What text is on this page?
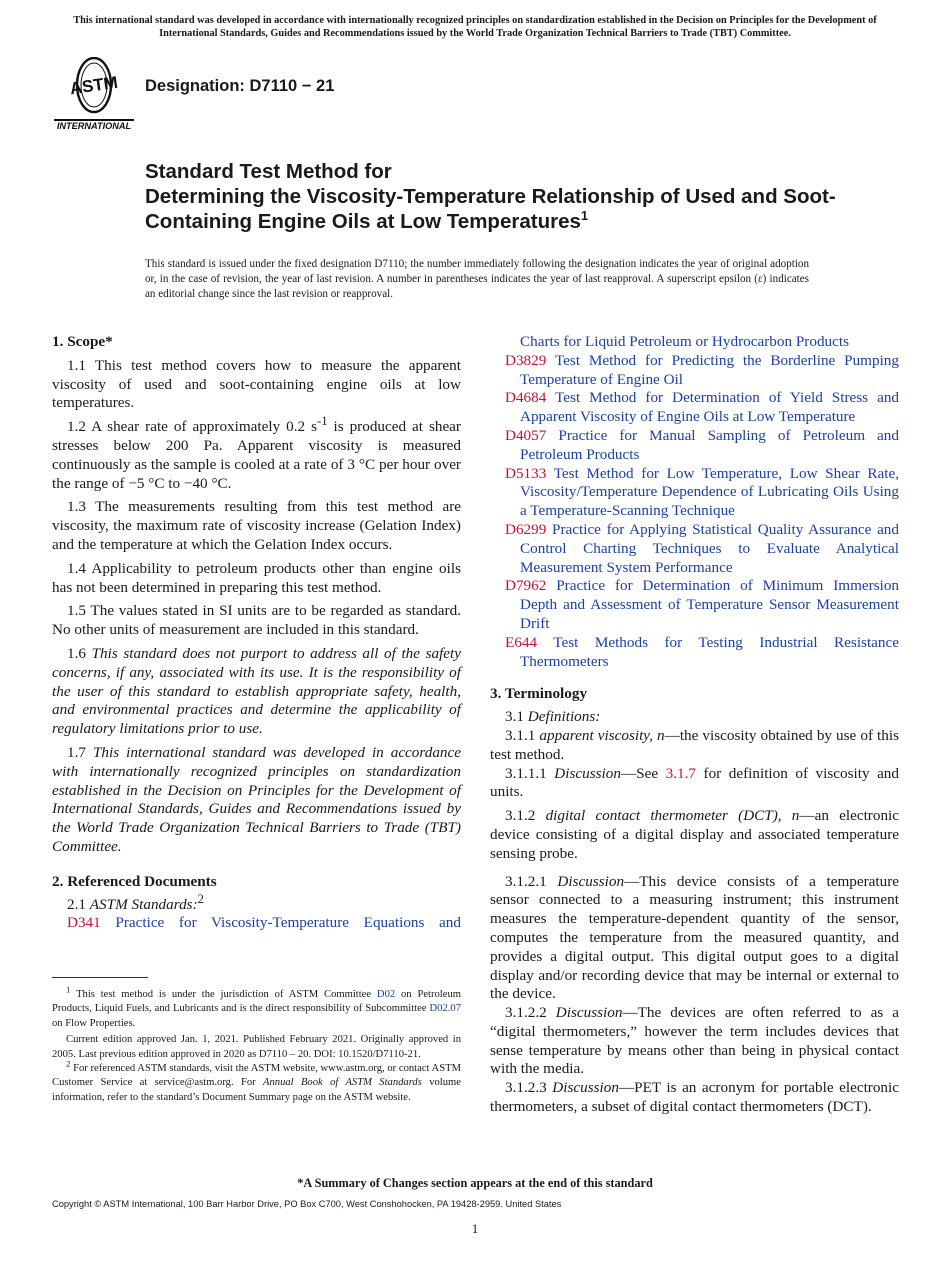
This international standard was developed in accordance with internationally recognized principles on standardization established in the Decision on Principles for the Development of International Standards, Guides and Recommendations issued by the World Trade Organization Technical Barriers to Trade (TBT) Committee.
ASTM
INTERNATIONAL
Designation: D7110 − 21
Standard Test Method for
Determining the Viscosity-Temperature Relationship of Used and Soot-Containing Engine Oils at Low Temperatures$^1$
This standard is issued under the fixed designation D7110; the number immediately following the designation indicates the year of original adoption or, in the case of revision, the year of last revision. A number in parentheses indicates the year of last reapproval. A superscript epsilon (ε) indicates an editorial change since the last revision or reapproval.
1. Scope*

1.1 This test method covers how to measure the apparent viscosity of used and soot-containing engine oils at low temperatures.

1.2 A shear rate of approximately 0.2 $s^{-1}$ is produced at shear stresses below 200 Pa. Apparent viscosity is measured continuously as the sample is cooled at a rate of 3 °C per hour over the range of −5 °C to −40 °C.

1.3 The measurements resulting from this test method are viscosity, the maximum rate of viscosity increase (Gelation Index) and the temperature at which the Gelation Index occurs.

1.4 Applicability to petroleum products other than engine oils has not been determined in preparing this test method.

1.5 The values stated in SI units are to be regarded as standard. No other units of measurement are included in this standard.

1.6 This standard does not purport to address all of the safety concerns, if any, associated with its use. It is the responsibility of the user of this standard to establish appropriate safety, health, and environmental practices and determine the applicability of regulatory limitations prior to use.

1.7 This international standard was developed in accordance with internationally recognized principles on standardization established in the Decision on Principles for the Development of International Standards, Guides and Recommendations issued by the World Trade Organization Technical Barriers to Trade (TBT) Committee.

2. Referenced Documents

2.1 ASTM Standards:$^2$

D341 Practice for Viscosity-Temperature Equations and

$^1$ This test method is under the jurisdiction of ASTM Committee D02 on Petroleum Products, Liquid Fuels, and Lubricants and is the direct responsibility of Subcommittee D02.07 on Flow Properties.

Current edition approved Jan. 1, 2021. Published February 2021. Originally approved in 2005. Last previous edition approved in 2020 as D7110 – 20. DOI: 10.1520/D7110-21.

$^2$ For referenced ASTM standards, visit the ASTM website, www.astm.org, or contact ASTM Customer Service at service@astm.org. For Annual Book of ASTM Standards volume information, refer to the standard’s Document Summary page on the ASTM website.

Charts for Liquid Petroleum or Hydrocarbon Products

D3829 Test Method for Predicting the Borderline Pumping Temperature of Engine Oil

D4684 Test Method for Determination of Yield Stress and Apparent Viscosity of Engine Oils at Low Temperature

D4057 Practice for Manual Sampling of Petroleum and Petroleum Products

D5133 Test Method for Low Temperature, Low Shear Rate, Viscosity/Temperature Dependence of Lubricating Oils Using a Temperature-Scanning Technique

D6299 Practice for Applying Statistical Quality Assurance and Control Charting Techniques to Evaluate Analytical Measurement System Performance

D7962 Practice for Determination of Minimum Immersion Depth and Assessment of Temperature Sensor Measurement Drift

E644 Test Methods for Testing Industrial Resistance Thermometers

3. Terminology

3.1 Definitions:

3.1.1 apparent viscosity, n—the viscosity obtained by use of this test method.

3.1.1.1 Discussion—See 3.1.7 for definition of viscosity and units.

3.1.2 digital contact thermometer (DCT), n—an electronic device consisting of a digital display and associated temperature sensing probe.

3.1.2.1 Discussion—This device consists of a temperature sensor connected to a measuring instrument; this instrument measures the temperature-dependent quantity of the sensor, computes the temperature from the measured quantity, and provides a digital output. This digital output goes to a digital display and/or recording device that may be internal or external to the device.

3.1.2.2 Discussion—The devices are often referred to as a “digital thermometers,” however the term includes devices that sense temperature by means other than being in physical contact with the media.

3.1.2.3 Discussion—PET is an acronym for portable electronic thermometers, a subset of digital contact thermometers (DCT).

*A Summary of Changes section appears at the end of this standard
Copyright © ASTM International, 100 Barr Harbor Drive, PO Box C700, West Conshohocken, PA 19428-2959. United States
1
